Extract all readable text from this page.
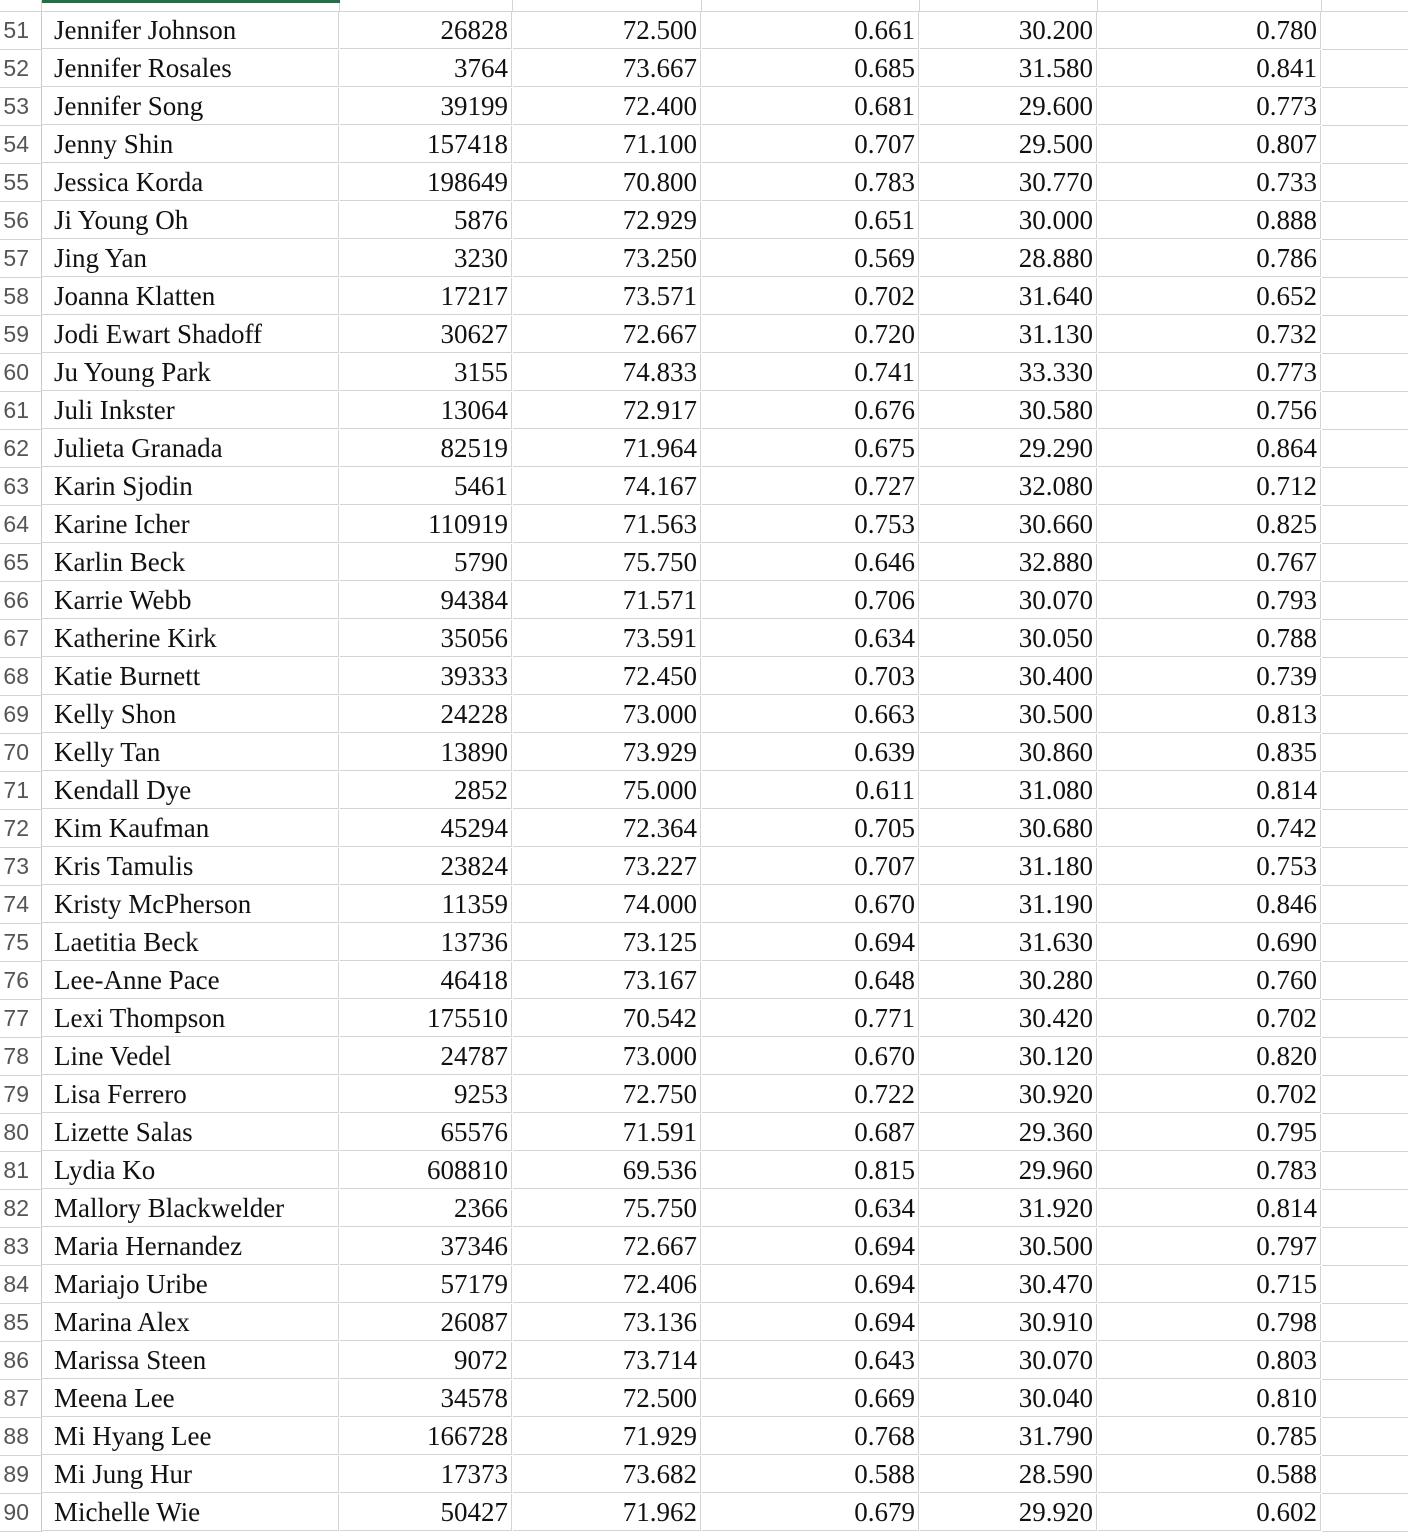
51 Jennifer Johnson	26828	72.500	0.661	30.200	0.780
52 Jennifer Rosales	3764	73.667	0.685	31.580	0.841
53 Jennifer Song	39199	72.400	0.681	29.600	0.773
54 Jenny Shin	157418	71.100	0.707	29.500	0.807
55 Jessica Korda	198649	70.800	0.783	30.770	0.733
56 Ji Young Oh	5876	72.929	0.651	30.000	0.888
57 Jing Yan	3230	73.250	0.569	28.880	0.786
58 Joanna Klatten	17217	73.571	0.702	31.640	0.652
59 Jodi Ewart Shadoff	30627	72.667	0.720	31.130	0.732
60 Ju Young Park	3155	74.833	0.741	33.330	0.773
61 Juli Inkster	13064	72.917	0.676	30.580	0.756
62 Julieta Granada	82519	71.964	0.675	29.290	0.864
63 Karin Sjodin	5461	74.167	0.727	32.080	0.712
64 Karine Icher	110919	71.563	0.753	30.660	0.825
65 Karlin Beck	5790	75.750	0.646	32.880	0.767
66 Karrie Webb	94384	71.571	0.706	30.070	0.793
67 Katherine Kirk	35056	73.591	0.634	30.050	0.788
68 Katie Burnett	39333	72.450	0.703	30.400	0.739
69 Kelly Shon	24228	73.000	0.663	30.500	0.813
70 Kelly Tan	13890	73.929	0.639	30.860	0.835
71 Kendall Dye	2852	75.000	0.611	31.080	0.814
72 Kim Kaufman	45294	72.364	0.705	30.680	0.742
73 Kris Tamulis	23824	73.227	0.707	31.180	0.753
74 Kristy McPherson	11359	74.000	0.670	31.190	0.846
75 Laetitia Beck	13736	73.125	0.694	31.630	0.690
76 Lee-Anne Pace	46418	73.167	0.648	30.280	0.760
77 Lexi Thompson	175510	70.542	0.771	30.420	0.702
78 Line Vedel	24787	73.000	0.670	30.120	0.820
79 Lisa Ferrero	9253	72.750	0.722	30.920	0.702
80 Lizette Salas	65576	71.591	0.687	29.360	0.795
81 Lydia Ko	608810	69.536	0.815	29.960	0.783
82 Mallory Blackwelder	2366	75.750	0.634	31.920	0.814
83 Maria Hernandez	37346	72.667	0.694	30.500	0.797
84 Mariajo Uribe	57179	72.406	0.694	30.470	0.715
85 Marina Alex	26087	73.136	0.694	30.910	0.798
86 Marissa Steen	9072	73.714	0.643	30.070	0.803
87 Meena Lee	34578	72.500	0.669	30.040	0.810
88 Mi Hyang Lee	166728	71.929	0.768	31.790	0.785
89 Mi Jung Hur	17373	73.682	0.588	28.590	0.588
90 Michelle Wie	50427	71.962	0.679	29.920	0.602
